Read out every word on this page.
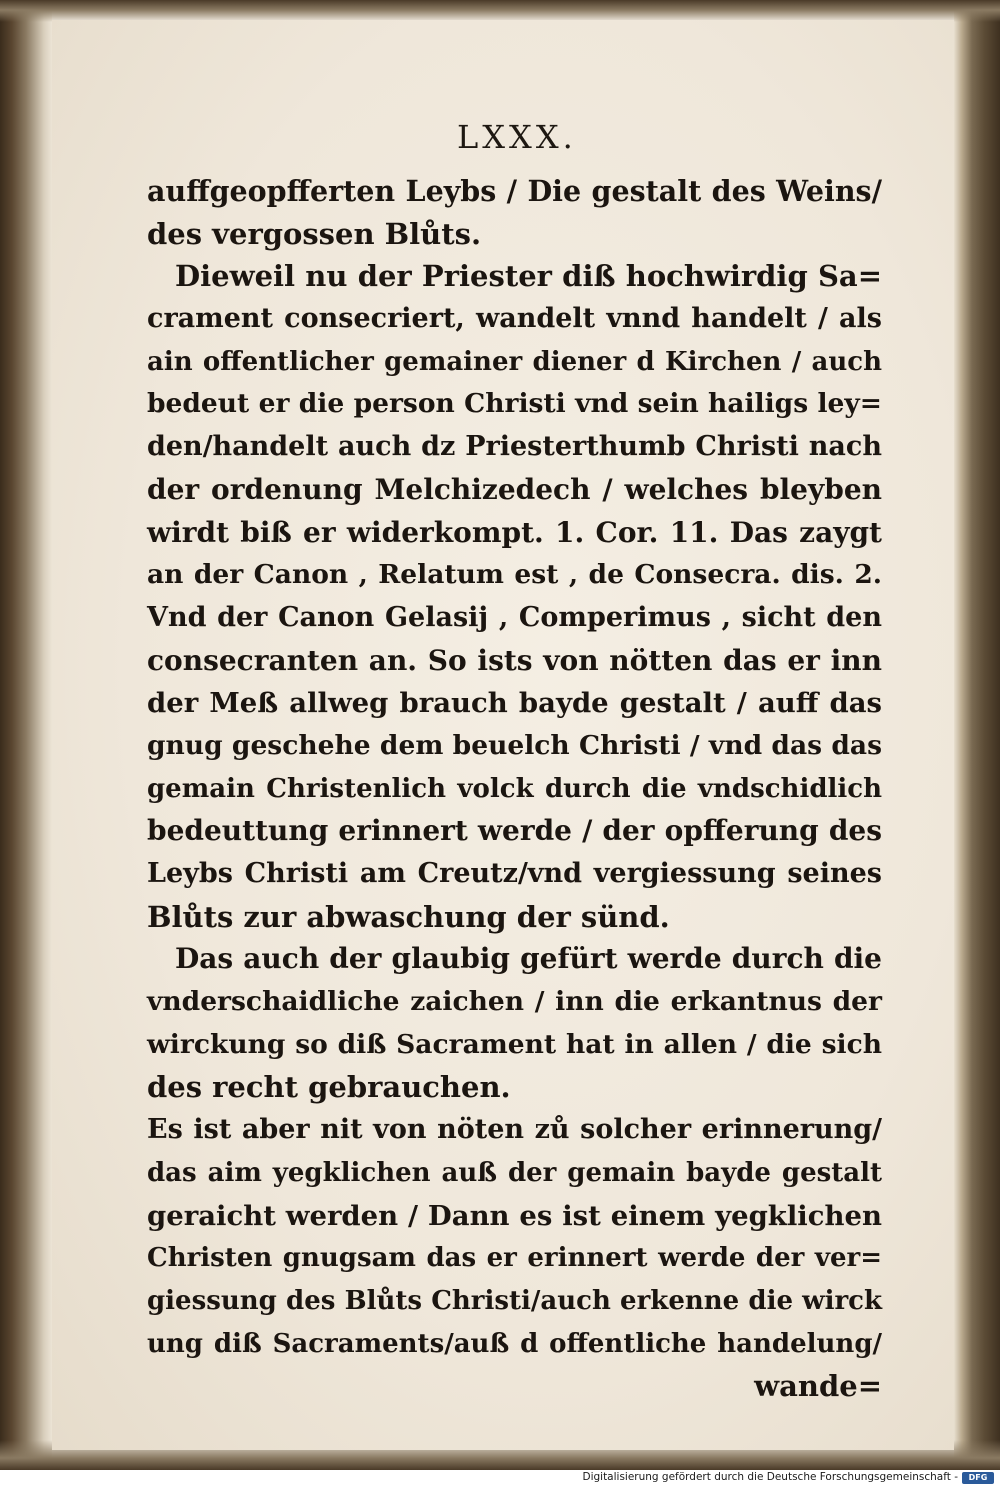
LXXX.

auffgeopfferten Leybs / Die gestalt des Weins/
des vergossen Blůts.
Dieweil nu der Priester diß hochwirdig Sa=
crament consecriert, wandelt vnnd handelt / als
ain offentlicher gemainer diener d Kirchen / auch
bedeut er die person Christi vnd sein hailigs ley=
den/handelt auch dz Priesterthumb Christi nach
der ordenung Melchizedech / welches bleyben
wirdt biß er widerkompt. 1. Cor. 11. Das zaygt
an der Canon , Relatum est , de Consecra. dis. 2.
Vnd der Canon Gelasij , Comperimus , sicht den
consecranten an. So ists von nötten das er inn
der Meß allweg brauch bayde gestalt / auff das
gnug geschehe dem beuelch Christi / vnd das das
gemain Christenlich volck durch die vndschidlich
bedeuttung erinnert werde / der opfferung des
Leybs Christi am Creutz/vnd vergiessung seines
Blůts zur abwaschung der sünd.
Das auch der glaubig gefürt werde durch die
vnderschaidliche zaichen / inn die erkantnus der
wirckung so diß Sacrament hat in allen / die sich
des recht gebrauchen.
Es ist aber nit von nöten zů solcher erinnerung/
das aim yegklichen auß der gemain bayde gestalt
geraicht werden / Dann es ist einem yegklichen
Christen gnugsam das er erinnert werde der ver=
giessung des Blůts Christi/auch erkenne die wirck
ung diß Sacraments/auß d offentliche handelung/
wande=
Digitalisierung gefördert durch die Deutsche Forschungsgemeinschaft -	DFG
